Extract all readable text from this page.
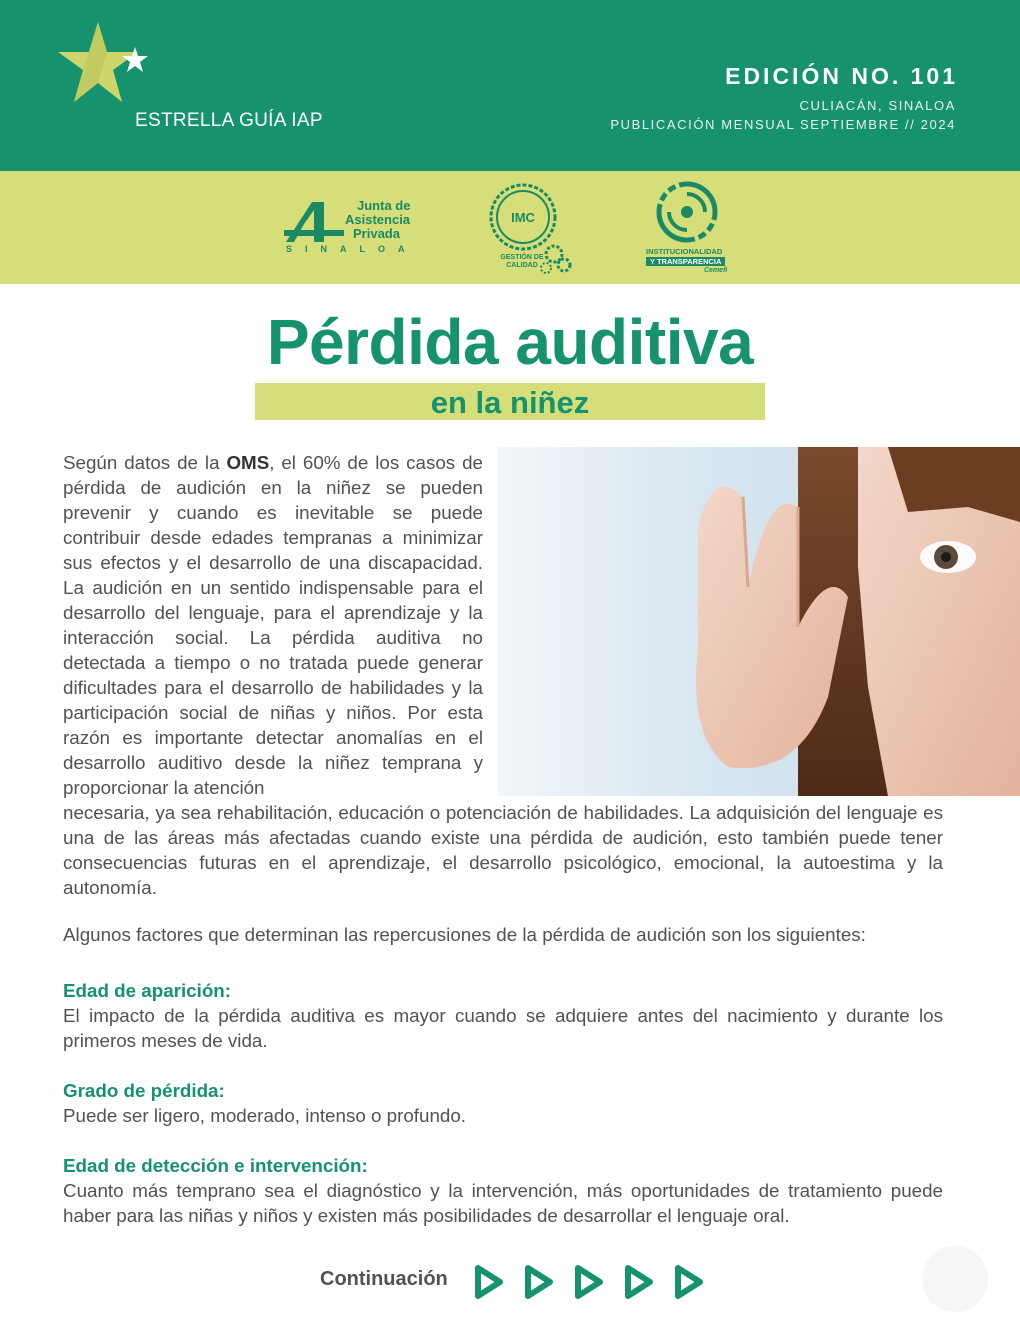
ESTRELLA GUÍA IAP
EDICIÓN NO. 101
CULIACÁN, SINALOA
PUBLICACIÓN MENSUAL SEPTIEMBRE // 2024
Junta de
Asistencia
Privada
SINALOA
IMC
GESTIÓN DE
CALIDAD
INSTITUCIONALIDAD
Y TRANSPARENCIA
Cemefi
Pérdida auditiva
en la niñez
Según datos de la OMS, el 60% de los casos de pérdida de audición en la niñez se pueden prevenir y cuando es inevitable se puede contribuir desde edades tempranas a minimizar sus efectos y el desarrollo de una discapacidad. La audición en un sentido indispensable para el desarrollo del lenguaje, para el aprendizaje y la interacción social. La pérdida auditiva no detectada a tiempo o no tratada puede generar dificultades para el desarrollo de habilidades y la participación social de niñas y niños. Por esta razón es importante detectar anomalías en el desarrollo auditivo desde la niñez temprana y proporcionar la atención
necesaria, ya sea rehabilitación, educación o potenciación de habilidades. La adquisición del lenguaje es una de las áreas más afectadas cuando existe una pérdida de audición, esto también puede tener consecuencias futuras en el aprendizaje, el desarrollo psicológico, emocional, la autoestima y la autonomía.
Algunos factores que determinan las repercusiones de la pérdida de audición son los siguientes:
Edad de aparición:
El impacto de la pérdida auditiva es mayor cuando se adquiere antes del nacimiento y durante los primeros meses de vida.
Grado de pérdida:
Puede ser ligero, moderado, intenso o profundo.
Edad de detección e intervención:
Cuanto más temprano sea el diagnóstico y la intervención, más oportunidades de tratamiento puede haber para las niñas y niños y existen más posibilidades de desarrollar el lenguaje oral.
Continuación
